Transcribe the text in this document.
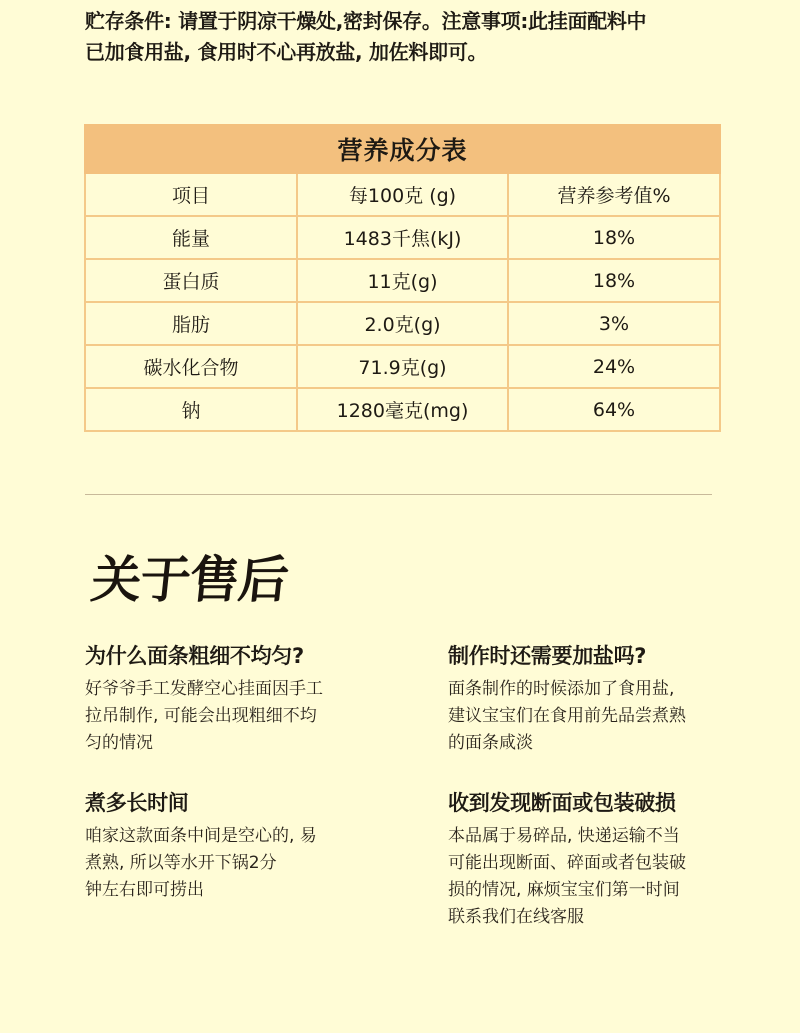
贮存条件: 请置于阴凉干燥处,密封保存。注意事项:此挂面配料中
已加食用盐, 食用时不心再放盐, 加佐料即可。
营养成分表		
项目	每100克 (g)	营养参考值%
能量	1483千焦(kJ)	18%
蛋白质	11克(g)	18%
脂肪	2.0克(g)	3%
碳水化合物	71.9克(g)	24%
钠	1280毫克(mg)	64%
关于售后
为什么面条粗细不均匀?
好爷爷手工发酵空心挂面因手工
拉吊制作, 可能会出现粗细不均
匀的情况
制作时还需要加盐吗?
面条制作的时候添加了食用盐,
建议宝宝们在食用前先品尝煮熟
的面条咸淡
煮多长时间
咱家这款面条中间是空心的, 易
煮熟, 所以等水开下锅2分
钟左右即可捞出
收到发现断面或包装破损
本品属于易碎品, 快递运输不当
可能出现断面、碎面或者包装破
损的情况, 麻烦宝宝们第一时间
联系我们在线客服
